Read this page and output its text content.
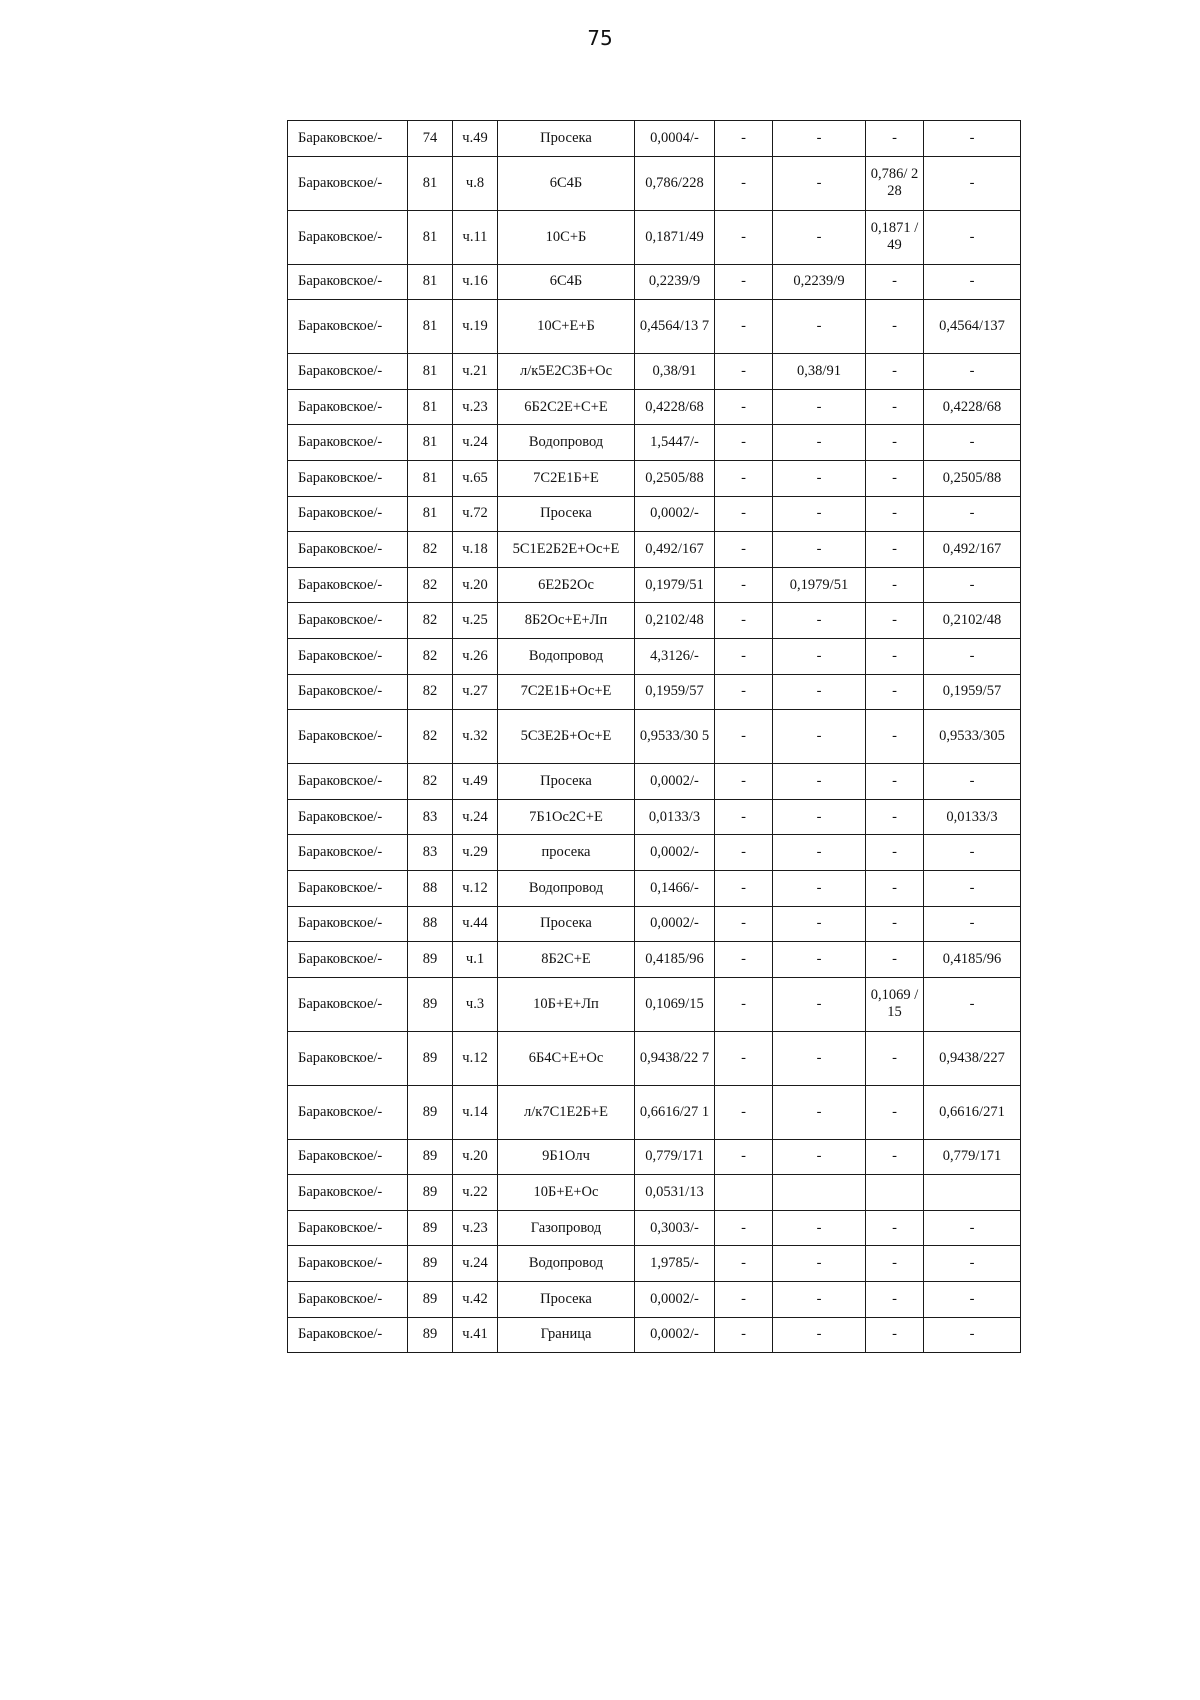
75
Бараковское/-	74	ч.49	Просека	0,0004/-	-	-	-	-
Бараковское/-	81	ч.8	6С4Б	0,786/228	-	-	0,786/ 228	-
Бараковское/-	81	ч.11	10С+Б	0,1871/49	-	-	0,1871 /49	-
Бараковское/-	81	ч.16	6С4Б	0,2239/9	-	0,2239/9	-	-
Бараковское/-	81	ч.19	10С+Е+Б	0,4564/13 7	-	-	-	0,4564/137
Бараковское/-	81	ч.21	л/к5Е2С3Б+Ос	0,38/91	-	0,38/91	-	-
Бараковское/-	81	ч.23	6Б2С2Е+С+Е	0,4228/68	-	-	-	0,4228/68
Бараковское/-	81	ч.24	Водопровод	1,5447/-	-	-	-	-
Бараковское/-	81	ч.65	7С2Е1Б+Е	0,2505/88	-	-	-	0,2505/88
Бараковское/-	81	ч.72	Просека	0,0002/-	-	-	-	-
Бараковское/-	82	ч.18	5С1Е2Б2Е+Ос+Е	0,492/167	-	-	-	0,492/167
Бараковское/-	82	ч.20	6Е2Б2Ос	0,1979/51	-	0,1979/51	-	-
Бараковское/-	82	ч.25	8Б2Ос+Е+Лп	0,2102/48	-	-	-	0,2102/48
Бараковское/-	82	ч.26	Водопровод	4,3126/-	-	-	-	-
Бараковское/-	82	ч.27	7С2Е1Б+Ос+Е	0,1959/57	-	-	-	0,1959/57
Бараковское/-	82	ч.32	5С3Е2Б+Ос+Е	0,9533/30 5	-	-	-	0,9533/305
Бараковское/-	82	ч.49	Просека	0,0002/-	-	-	-	-
Бараковское/-	83	ч.24	7Б1Ос2С+Е	0,0133/3	-	-	-	0,0133/3
Бараковское/-	83	ч.29	просека	0,0002/-	-	-	-	-
Бараковское/-	88	ч.12	Водопровод	0,1466/-	-	-	-	-
Бараковское/-	88	ч.44	Просека	0,0002/-	-	-	-	-
Бараковское/-	89	ч.1	8Б2С+Е	0,4185/96	-	-	-	0,4185/96
Бараковское/-	89	ч.3	10Б+Е+Лп	0,1069/15	-	-	0,1069 /15	-
Бараковское/-	89	ч.12	6Б4С+Е+Ос	0,9438/22 7	-	-	-	0,9438/227
Бараковское/-	89	ч.14	л/к7С1Е2Б+Е	0,6616/27 1	-	-	-	0,6616/271
Бараковское/-	89	ч.20	9Б1Олч	0,779/171	-	-	-	0,779/171
Бараковское/-	89	ч.22	10Б+Е+Ос	0,0531/13				
Бараковское/-	89	ч.23	Газопровод	0,3003/-	-	-	-	-
Бараковское/-	89	ч.24	Водопровод	1,9785/-	-	-	-	-
Бараковское/-	89	ч.42	Просека	0,0002/-	-	-	-	-
Бараковское/-	89	ч.41	Граница	0,0002/-	-	-	-	-
